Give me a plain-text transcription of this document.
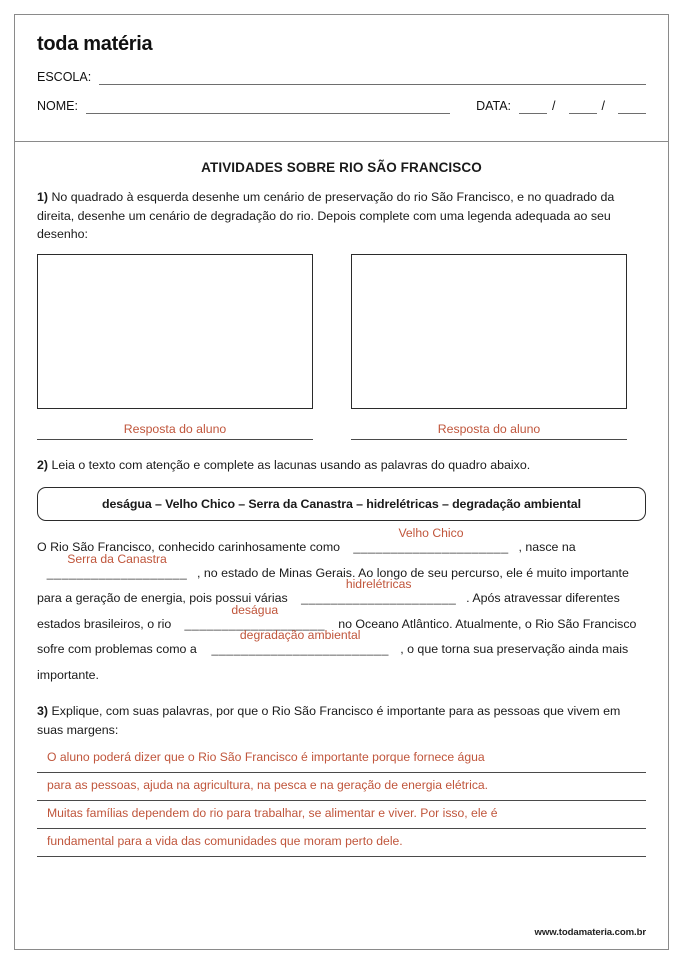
toda matéria
ESCOLA:
NOME:	DATA:	/	/
ATIVIDADES SOBRE RIO SÃO FRANCISCO
1) No quadrado à esquerda desenhe um cenário de preservação do rio São Francisco, e no quadrado da direita, desenhe um cenário de degradação do rio. Depois complete com uma legenda adequada ao seu desenho:
Resposta do aluno	Resposta do aluno
2) Leia o texto com atenção e complete as lacunas usando as palavras do quadro abaixo.
deságua – Velho Chico – Serra da Canastra – hidrelétricas – degradação ambiental
O Rio São Francisco, conhecido carinhosamente como _____________________
Velho Chico
, nasce na ___________________
Serra da Canastra
, no estado de Minas Gerais. Ao longo de seu percurso, ele é muito importante para a geração de energia, pois possui várias _____________________
hidrelétricas
. Após atravessar diferentes estados brasileiros, o rio ___________________
deságua
no Oceano Atlântico. Atualmente, o Rio São Francisco sofre com problemas como a ________________________
degradação ambiental
, o que torna sua preservação ainda mais importante.
3) Explique, com suas palavras, por que o Rio São Francisco é importante para as pessoas que vivem em suas margens:
O aluno poderá dizer que o Rio São Francisco é importante porque fornece água
para as pessoas, ajuda na agricultura, na pesca e na geração de energia elétrica.
Muitas famílias dependem do rio para trabalhar, se alimentar e viver. Por isso, ele é
fundamental para a vida das comunidades que moram perto dele.
www.todamateria.com.br
